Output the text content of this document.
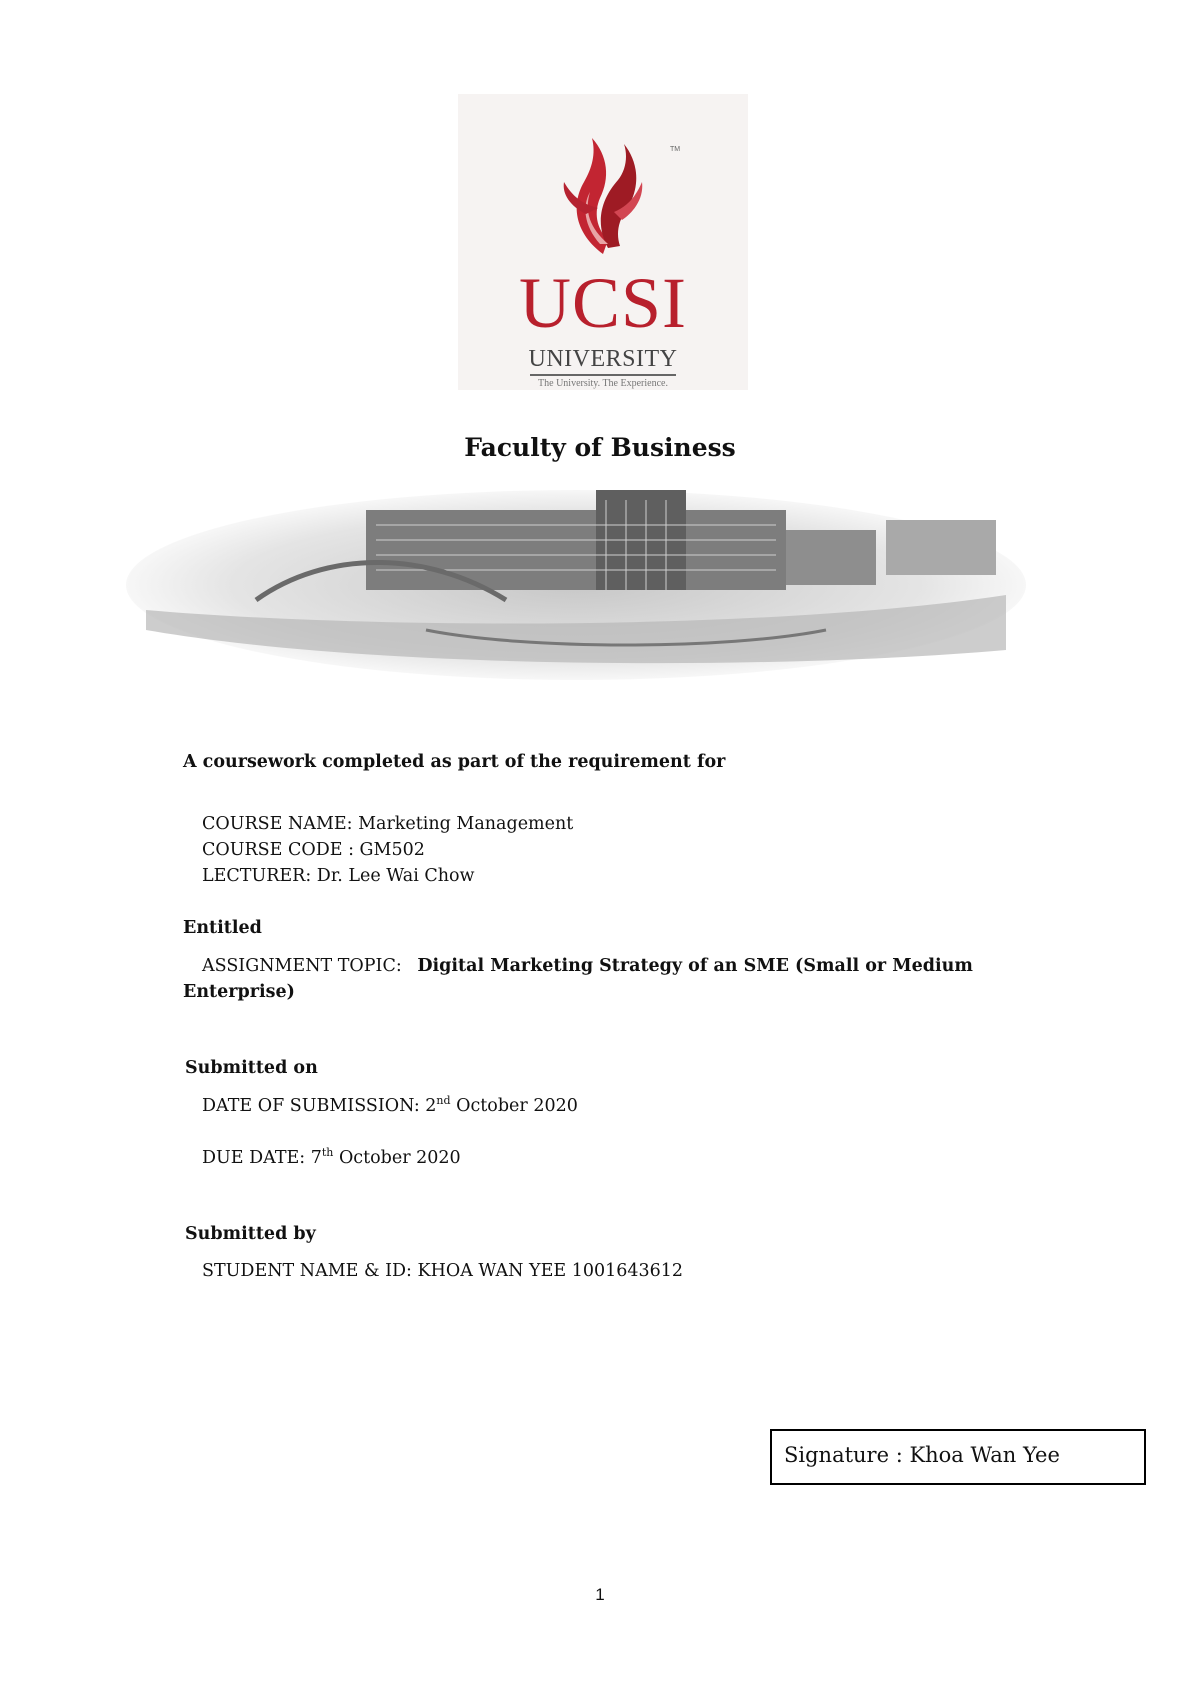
TM
UCSI
UNIVERSITY
The University. The Experience.
Faculty of Business
A coursework completed as part of the requirement for
COURSE NAME: Marketing Management
COURSE CODE : GM502
LECTURER: Dr. Lee Wai Chow
Entitled
ASSIGNMENT TOPIC: Digital Marketing Strategy of an SME (Small or Medium
Enterprise)
Submitted on
DATE OF SUBMISSION: 2nd October 2020
DUE DATE: 7th October 2020
Submitted by
STUDENT NAME & ID: KHOA WAN YEE 1001643612
Signature : Khoa Wan Yee
1
